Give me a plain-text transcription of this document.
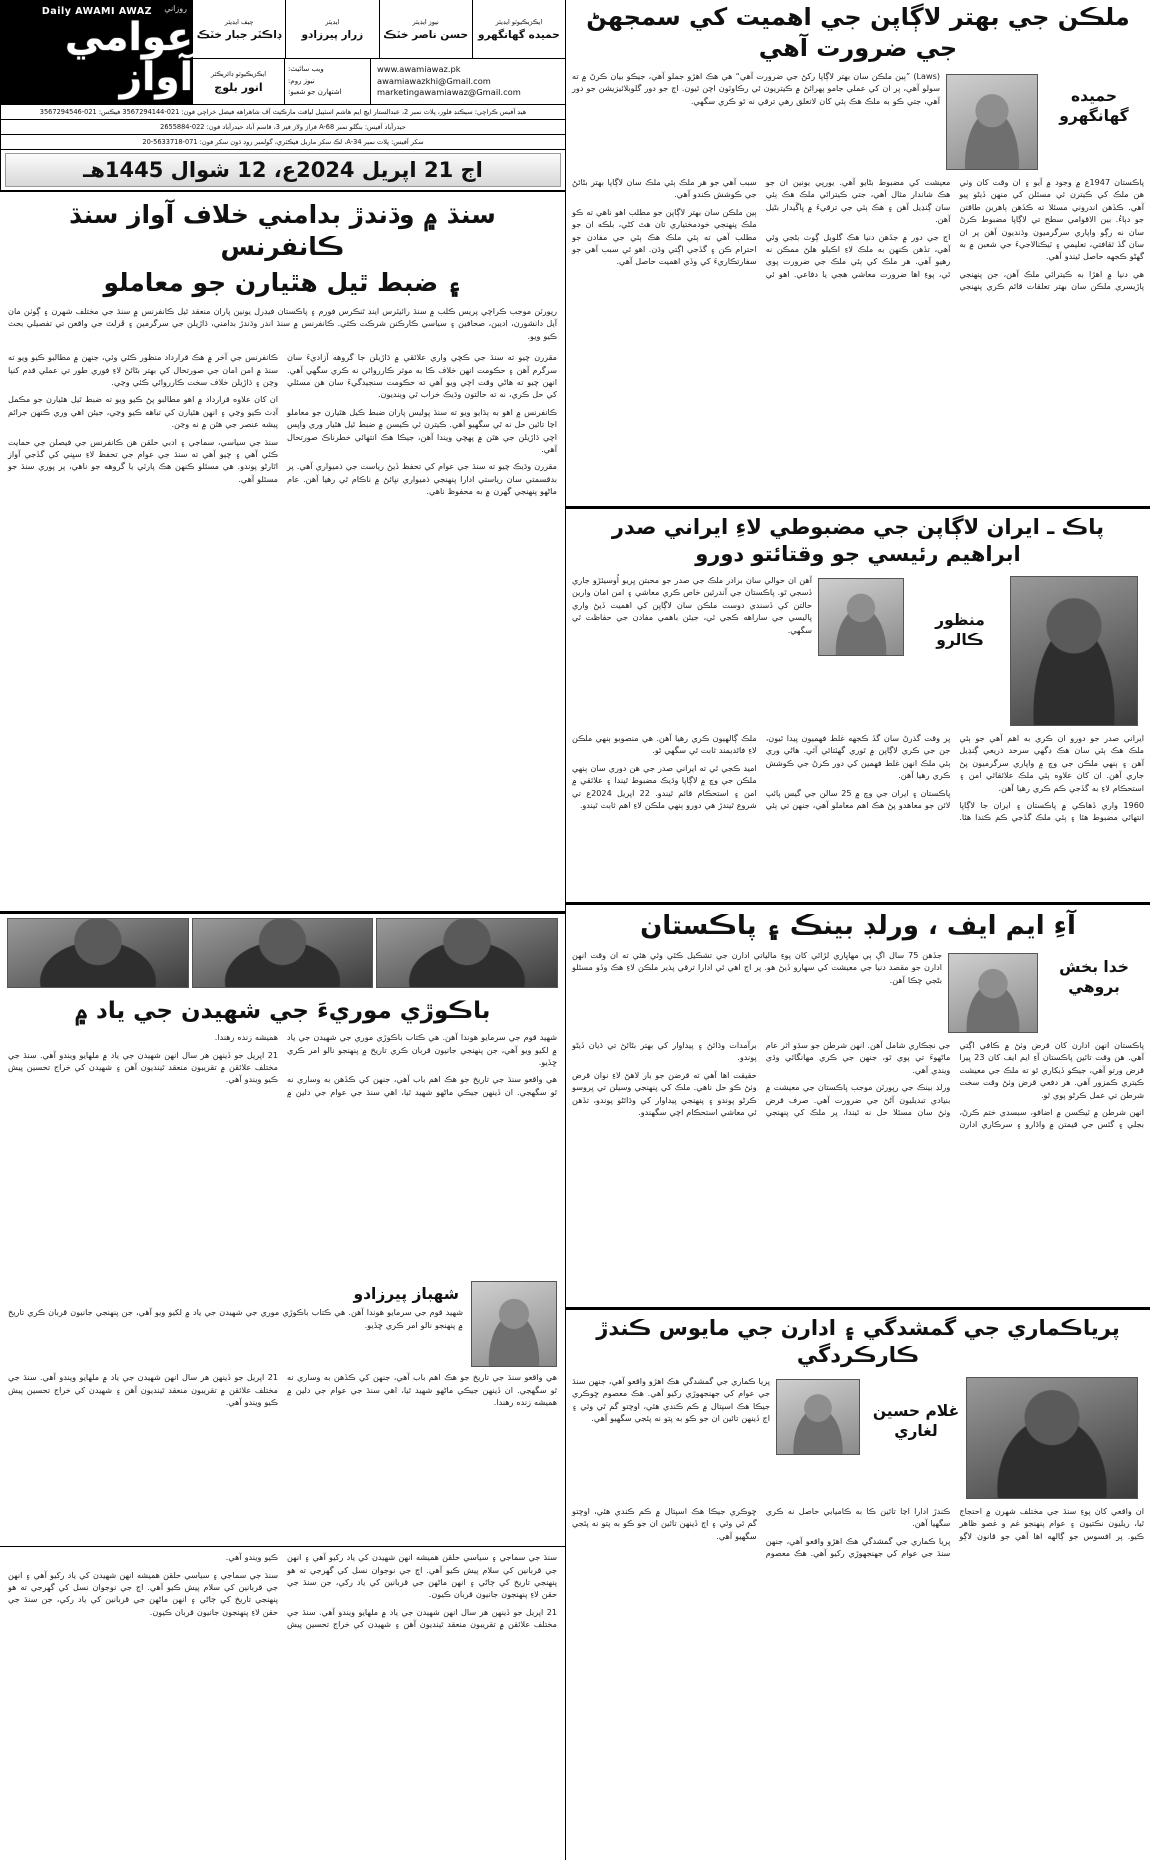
ملڪن جي بهتر لاڳاپن جي اهميت کي سمجهڻ جي ضرورت آهي
حميده گهانگهرو

(Laws) ”ٻين ملڪن سان بهتر لاڳاپا رکڻ جي ضرورت آهي“ هي هڪ اهڙو جملو آهي، جيڪو بيان ڪرڻ ۾ ته سولو آهي، پر ان کي عملي جامو پهرائڻ ۾ ڪيتريون ئي رڪاوٽون اچن ٿيون. اڄ جو دور گلوبلائيزيشن جو دور آهي، جتي ڪو به ملڪ هڪ ٻئي کان لاتعلق رهي ترقي نه ٿو ڪري سگهي.

پاڪستان 1947ع ۾ وجود ۾ آيو ۽ ان وقت کان وٺي هن ملڪ کي ڪيترن ئي مسئلن کي منهن ڏيڻو پيو آهي. ڪڏهن اندروني مسئلا ته ڪڏهن ٻاهرين طاقتن جو دٻاءُ. بين الاقوامي سطح تي لاڳاپا مضبوط ڪرڻ سان نه رڳو واپاري سرگرميون وڌنديون آهن پر ان سان گڏ ثقافتي، تعليمي ۽ ٽيڪنالاجيءَ جي شعبن ۾ به گهڻو ڪجهه حاصل ٿيندو آهي.

هي دنيا ۾ اهڙا به ڪيترائي ملڪ آهن، جن پنهنجي پاڙيسري ملڪن سان بهتر تعلقات قائم ڪري پنهنجي معيشت کي مضبوط بڻايو آهي. يورپي يونين ان جو هڪ شاندار مثال آهي، جتي ڪيترائي ملڪ هڪ ٻئي سان ڳنڍيل آهن ۽ هڪ ٻئي جي ترقيءَ ۾ ڀاڱيدار بڻيل آهن.

اڄ جي دور ۾ جڏهن دنيا هڪ گلوبل ڳوٺ بڻجي وئي آهي، تڏهن ڪنهن به ملڪ لاءِ اڪيلو هلڻ ممڪن نه رهيو آهي. هر ملڪ کي ٻئي ملڪ جي ضرورت پوي ٿي، پوءِ اها ضرورت معاشي هجي يا دفاعي. اهو ئي سبب آهي جو هر ملڪ ٻئي ملڪ سان لاڳاپا بهتر بڻائڻ جي ڪوشش ڪندو آهي.

ٻين ملڪن سان بهتر لاڳاپن جو مطلب اهو ناهي ته ڪو ملڪ پنهنجي خودمختياري تان هٿ کڻي، بلڪه ان جو مطلب آهي ته ٻئي ملڪ هڪ ٻئي جي مفادن جو احترام ڪن ۽ گڏجي اڳتي وڌن. اهو ئي سبب آهي جو سفارتڪاريءَ کي وڏي اهميت حاصل آهي.

پاڪ ـ ايران لاڳاپن جي مضبوطي لاءِ ايراني صدر ابراهيم رئيسي جو وقتائتو دورو
منظور ڪالرو

آهن ان حوالي سان برادر ملڪ جي صدر جو محبتن ڀريو اُوسيئڙو جاري ڏسجي ٿو. پاڪستان جي آندرئين خاص ڪري معاشي ۽ امن امان وارين حالتن کي ڏسندي دوست ملڪن سان لاڳاپن کي اهميت ڏيڻ واري پاليسي جي ساراهه ڪجي ٿي، جيئن باهمي مفادن جي حفاظت ٿي سگهي.

ايراني صدر جو دورو ان ڪري به اهم آهي جو ٻئي ملڪ هڪ ٻئي سان هڪ ڊگهي سرحد ذريعي ڳنڍيل آهن ۽ ٻنهي ملڪن جي وچ ۾ واپاري سرگرميون پڻ جاري آهن. ان کان علاوه ٻئي ملڪ علائقائي امن ۽ استحڪام لاءِ به گڏجي ڪم ڪري رهيا آهن.

1960 واري ڏهاڪي ۾ پاڪستان ۽ ايران جا لاڳاپا انتهائي مضبوط هئا ۽ ٻئي ملڪ گڏجي ڪم ڪندا هئا. پر وقت گذرڻ سان گڏ ڪجهه غلط فهميون پيدا ٿيون، جن جي ڪري لاڳاپن ۾ ٿوري گهٽتائي آئي. هاڻي وري ٻئي ملڪ انهن غلط فهمين کي دور ڪرڻ جي ڪوشش ڪري رهيا آهن.

پاڪستان ۽ ايران جي وچ ۾ 25 سالن جي گيس پائپ لائن جو معاهدو پڻ هڪ اهم معاملو آهي، جنهن تي ٻئي ملڪ ڳالهيون ڪري رهيا آهن. هي منصوبو ٻنهي ملڪن لاءِ فائديمند ثابت ٿي سگهي ٿو.

اميد ڪجي ٿي ته ايراني صدر جي هن دوري سان ٻنهي ملڪن جي وچ ۾ لاڳاپا وڌيڪ مضبوط ٿيندا ۽ علائقي ۾ امن ۽ استحڪام قائم ٿيندو. 22 اپريل 2024ع تي شروع ٿيندڙ هي دورو ٻنهي ملڪن لاءِ اهم ثابت ٿيندو.

آءِ ايم ايف ، ورلڊ بينڪ ۽ پاڪستان
خدا بخش بروهي

جڏهن 75 سال اڳ ٻي مهاڀاري لڙائي کان پوءِ مالياتي ادارن جي تشڪيل ڪئي وئي هئي ته ان وقت انهن ادارن جو مقصد دنيا جي معيشت کي سهارو ڏيڻ هو. پر اڄ اهي ئي ادارا ترقي پذير ملڪن لاءِ هڪ وڏو مسئلو بڻجي چڪا آهن.

پاڪستان انهن ادارن کان قرض وٺڻ ۾ ڪافي اڳتي آهي. هن وقت تائين پاڪستان آءِ ايم ايف کان 23 ڀيرا قرض ورتو آهي، جيڪو ڏيکاري ٿو ته ملڪ جي معيشت ڪيتري ڪمزور آهي. هر دفعي قرض وٺڻ وقت سخت شرطن تي عمل ڪرڻو پوي ٿو.

انهن شرطن ۾ ٽيڪسن ۾ اضافو، سبسڊي ختم ڪرڻ، بجلي ۽ گئس جي قيمتن ۾ واڌارو ۽ سرڪاري ادارن جي نجڪاري شامل آهن. انهن شرطن جو سڌو اثر عام ماڻهوءَ تي پوي ٿو، جنهن جي ڪري مهانگائي وڌي ويندي آهي.

ورلڊ بينڪ جي رپورٽن موجب پاڪستان جي معيشت ۾ بنيادي تبديليون آڻڻ جي ضرورت آهي. صرف قرض وٺڻ سان مسئلا حل نه ٿيندا، پر ملڪ کي پنهنجي برآمدات وڌائڻ ۽ پيداوار کي بهتر بڻائڻ تي ڌيان ڏيڻو پوندو.

حقيقت اها آهي ته قرضن جو بار لاهڻ لاءِ نوان قرض وٺڻ ڪو حل ناهي. ملڪ کي پنهنجي وسيلن تي ڀروسو ڪرڻو پوندو ۽ پنهنجي پيداوار کي وڌائڻو پوندو، تڏهن ئي معاشي استحڪام اچي سگهندو.

پرياڪماري جي گمشدگي ۽ ادارن جي مايوس ڪندڙ ڪارڪردگي
غلام حسين لغاري

پريا ڪماري جي گمشدگي هڪ اهڙو واقعو آهي، جنهن سنڌ جي عوام کي جهنجهوڙي رکيو آهي. هڪ معصوم ڇوڪري جيڪا هڪ اسپتال ۾ ڪم ڪندي هئي، اوچتو گم ٿي وئي ۽ اڄ ڏينهن تائين ان جو ڪو به پتو نه پئجي سگهيو آهي.

ان واقعي کان پوءِ سنڌ جي مختلف شهرن ۾ احتجاج ٿيا، ريليون نڪتيون ۽ عوام پنهنجو غم و غصو ظاهر ڪيو. پر افسوس جو ڳالهه اها آهي جو قانون لاڳو ڪندڙ ادارا اڃا تائين ڪا به ڪاميابي حاصل نه ڪري سگهيا آهن.

پريا ڪماري جي گمشدگي هڪ اهڙو واقعو آهي، جنهن سنڌ جي عوام کي جهنجهوڙي رکيو آهي. هڪ معصوم ڇوڪري جيڪا هڪ اسپتال ۾ ڪم ڪندي هئي، اوچتو گم ٿي وئي ۽ اڄ ڏينهن تائين ان جو ڪو به پتو نه پئجي سگهيو آهي.

ايڪزيڪيوٽو ايڊيٽر
حميده گهانگهرو
نيوز ايڊيٽر
حسن ناصر خٽڪ
ايڊيٽر
زرار پيرزادو
چيف ايڊيٽر
ڊاڪٽر جبار خٽڪ
www.awamiawaz.pk
awamiawazkhi@Gmail.com
marketingawamiawaz@Gmail.com
ويب سائيٽ:
نيوز روم:
اشتهارن جو شعبو:
ايڪزيڪيوٽو ڊائريڪٽر
انور بلوچ
روزاني
Daily AWAMI AWAZ
عوامي آواز
هيڊ آفيس ڪراچي: سيڪنڊ فلور، پلاٽ نمبر 2، عبدالستار ايڇ ايم هاشم اسٽيبل لياقت مارڪيٽ آف شاهراهه فيصل خراچي فون: 021-3567294144 فيڪس: 021-3567294546
حيدرآباد آفيس: بنگلو نمبر A-68 فراز ولاز فيز 3، قاسم آباد حيدرآباد فون: 022-2655884
سکر آفيس: پلاٽ نمبر A-34، لڪ سکر ماربل فيڪٽري، گولمبر روڊ ڌون سکر فون: 071-5633718-20
اڄ 21 اپريل 2024ع، 12 شوال 1445هـ
سنڌ ۾ وڌندڙ بدامني خلاف آواز سنڌ ڪانفرنس
۽ ضبط ٿيل هٿيارن جو معاملو

رپورٽن موجب ڪراچي پريس ڪلب ۾ سنڌ رائيٽرس اينڊ ٿنڪرس فورم ۽ پاڪستان فيڊرل يونين پاران منعقد ٿيل ڪانفرنس ۾ سنڌ جي مختلف شهرن ۽ ڳوٺن مان آيل دانشورن، اديبن، صحافين ۽ سياسي ڪارڪنن شرڪت ڪئي. ڪانفرنس ۾ سنڌ اندر وڌندڙ بدامني، ڌاڙيلن جي سرگرمين ۽ ڦرلٽ جي واقعن تي تفصيلي بحث ڪيو ويو.

مقررن چيو ته سنڌ جي ڪچي واري علائقي ۾ ڌاڙيلن جا گروهه آزاديءَ سان سرگرم آهن ۽ حڪومت انهن خلاف ڪا به موثر ڪارروائي نه ڪري سگهي آهي. انهن چيو ته هاڻي وقت اچي ويو آهي ته حڪومت سنجيدگيءَ سان هن مسئلي کي حل ڪري، نه ته حالتون وڌيڪ خراب ٿي وينديون.

ڪانفرنس ۾ اهو به ٻڌايو ويو ته سنڌ پوليس پاران ضبط ڪيل هٿيارن جو معاملو اڃا تائين حل نه ٿي سگهيو آهي. ڪيترن ئي ڪيسن ۾ ضبط ٿيل هٿيار وري واپس اچي ڌاڙيلن جي هٿن ۾ پهچي ويندا آهن، جيڪا هڪ انتهائي خطرناڪ صورتحال آهي.

مقررن وڌيڪ چيو ته سنڌ جي عوام کي تحفظ ڏيڻ رياست جي ذميواري آهي. پر بدقسمتي سان رياستي ادارا پنهنجي ذميواري نڀائڻ ۾ ناڪام ٿي رهيا آهن. عام ماڻهو پنهنجي گهرن ۾ به محفوظ ناهي.

ڪانفرنس جي آخر ۾ هڪ قرارداد منظور ڪئي وئي، جنهن ۾ مطالبو ڪيو ويو ته سنڌ ۾ امن امان جي صورتحال کي بهتر بڻائڻ لاءِ فوري طور تي عملي قدم کنيا وڃن ۽ ڌاڙيلن خلاف سخت ڪارروائي ڪئي وڃي.

ان کان علاوه قرارداد ۾ اهو مطالبو پڻ ڪيو ويو ته ضبط ٿيل هٿيارن جو مڪمل آڊٽ ڪيو وڃي ۽ انهن هٿيارن کي تباهه ڪيو وڃي، جيئن اهي وري ڪنهن جرائم پيشه عنصر جي هٿن ۾ نه وڃن.

سنڌ جي سياسي، سماجي ۽ ادبي حلقن هن ڪانفرنس جي فيصلن جي حمايت ڪئي آهي ۽ چيو آهي ته سنڌ جي عوام جي تحفظ لاءِ سڀني کي گڏجي آواز اٿارڻو پوندو. هي مسئلو ڪنهن هڪ پارٽي يا گروهه جو ناهي، پر پوري سنڌ جو مسئلو آهي.

باڪوڙي موريءَ جي شهيدن جي ياد ۾

شهيد قوم جي سرمايو هوندا آهن. هي ڪتاب باڪوڙي موري جي شهيدن جي ياد ۾ لکيو ويو آهي، جن پنهنجي جانيون قربان ڪري تاريخ ۾ پنهنجو نالو امر ڪري ڇڏيو.

هي واقعو سنڌ جي تاريخ جو هڪ اهم باب آهي، جنهن کي ڪڏهن به وساري نه ٿو سگهجي. ان ڏينهن جيڪي ماڻهو شهيد ٿيا، اهي سنڌ جي عوام جي دلين ۾ هميشه زنده رهندا.

21 اپريل جو ڏينهن هر سال انهن شهيدن جي ياد ۾ ملهايو ويندو آهي. سنڌ جي مختلف علائقن ۾ تقريبون منعقد ٿينديون آهن ۽ شهيدن کي خراج تحسين پيش ڪيو ويندو آهي.

شهباز پيرزادو

شهيد قوم جي سرمايو هوندا آهن. هي ڪتاب باڪوڙي موري جي شهيدن جي ياد ۾ لکيو ويو آهي، جن پنهنجي جانيون قربان ڪري تاريخ ۾ پنهنجو نالو امر ڪري ڇڏيو.

هي واقعو سنڌ جي تاريخ جو هڪ اهم باب آهي، جنهن کي ڪڏهن به وساري نه ٿو سگهجي. ان ڏينهن جيڪي ماڻهو شهيد ٿيا، اهي سنڌ جي عوام جي دلين ۾ هميشه زنده رهندا.

21 اپريل جو ڏينهن هر سال انهن شهيدن جي ياد ۾ ملهايو ويندو آهي. سنڌ جي مختلف علائقن ۾ تقريبون منعقد ٿينديون آهن ۽ شهيدن کي خراج تحسين پيش ڪيو ويندو آهي.

سنڌ جي سماجي ۽ سياسي حلقن هميشه انهن شهيدن کي ياد رکيو آهي ۽ انهن جي قربانين کي سلام پيش ڪيو آهي. اڄ جي نوجوان نسل کي گهرجي ته هو پنهنجي تاريخ کي ڄاڻي ۽ انهن ماڻهن جي قربانين کي ياد رکي، جن سنڌ جي حقن لاءِ پنهنجون جانيون قربان ڪيون.

21 اپريل جو ڏينهن هر سال انهن شهيدن جي ياد ۾ ملهايو ويندو آهي. سنڌ جي مختلف علائقن ۾ تقريبون منعقد ٿينديون آهن ۽ شهيدن کي خراج تحسين پيش ڪيو ويندو آهي.

سنڌ جي سماجي ۽ سياسي حلقن هميشه انهن شهيدن کي ياد رکيو آهي ۽ انهن جي قربانين کي سلام پيش ڪيو آهي. اڄ جي نوجوان نسل کي گهرجي ته هو پنهنجي تاريخ کي ڄاڻي ۽ انهن ماڻهن جي قربانين کي ياد رکي، جن سنڌ جي حقن لاءِ پنهنجون جانيون قربان ڪيون.
